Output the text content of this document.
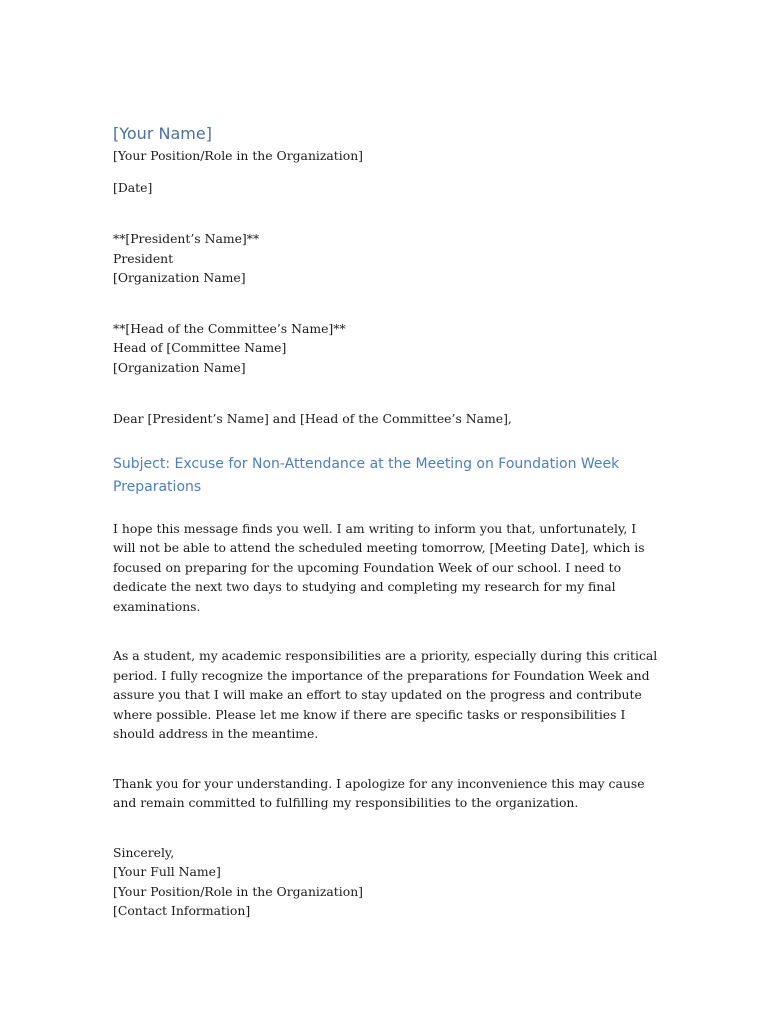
[Your Name]
[Your Position/Role in the Organization]
[Date]
**[President’s Name]**
President
[Organization Name]
**[Head of the Committee’s Name]**
Head of [Committee Name]
[Organization Name]
Dear [President’s Name] and [Head of the Committee’s Name],
Subject: Excuse for Non-Attendance at the Meeting on Foundation Week Preparations

I hope this message finds you well. I am writing to inform you that, unfortunately, I will not be able to attend the scheduled meeting tomorrow, [Meeting Date], which is focused on preparing for the upcoming Foundation Week of our school. I need to dedicate the next two days to studying and completing my research for my final examinations.

As a student, my academic responsibilities are a priority, especially during this critical period. I fully recognize the importance of the preparations for Foundation Week and assure you that I will make an effort to stay updated on the progress and contribute where possible. Please let me know if there are specific tasks or responsibilities I should address in the meantime.

Thank you for your understanding. I apologize for any inconvenience this may cause and remain committed to fulfilling my responsibilities to the organization.

Sincerely,
[Your Full Name]
[Your Position/Role in the Organization]
[Contact Information]
